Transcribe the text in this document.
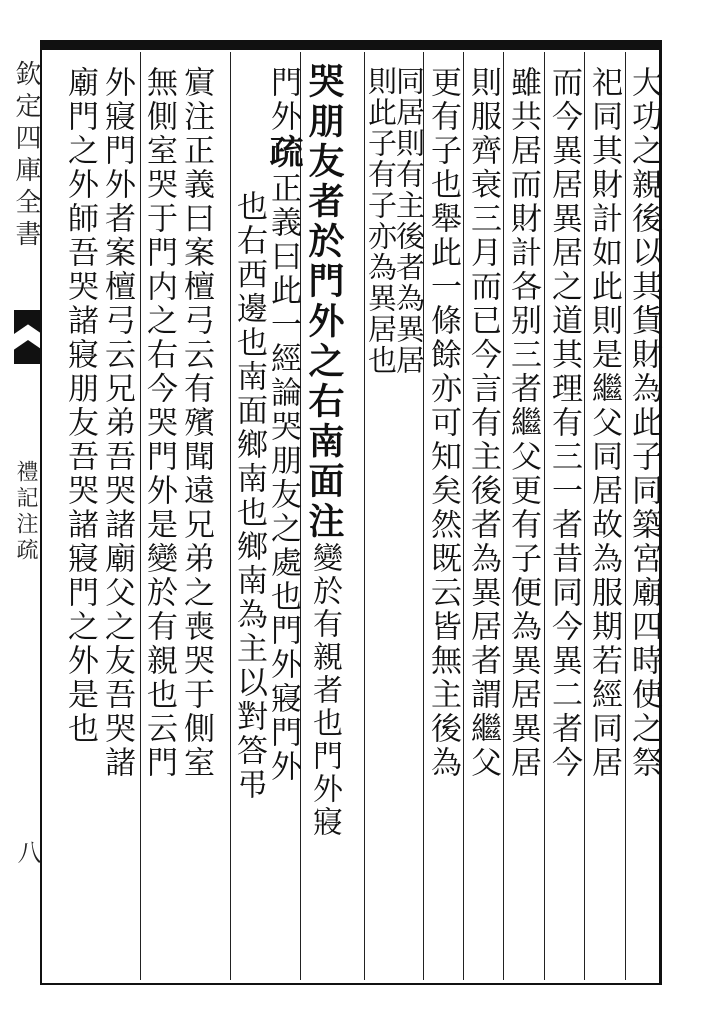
欽定四庫全書
禮記注疏
八
大功之親後以其貨財為此子同築宮廟四時使之祭
祀同其財計如此則是繼父同居故為服期若經同居
而今異居異居之道其理有三一者昔同今異二者今
雖共居而財計各别三者繼父更有子便為異居異居
則服齊衰三月而已今言有主後者為異居者謂繼父
更有子也舉此一條餘亦可知矣然既云皆無主後為
同居則有主後者為異居
則此子有子亦為異居也
哭朋友者於門外之右南面注變於有親者也門外寢
門外疏正義曰此一經論哭朋友之處也門外寢門外
也右西邊也南面鄉南也鄉南為主以對答弔
賔注正義曰案檀弓云有殯聞遠兄弟之喪哭于側室
無側室哭于門内之右今哭門外是變於有親也云門
外寢門外者案檀弓云兄弟吾哭諸廟父之友吾哭諸
廟門之外師吾哭諸寢朋友吾哭諸寢門之外是也
